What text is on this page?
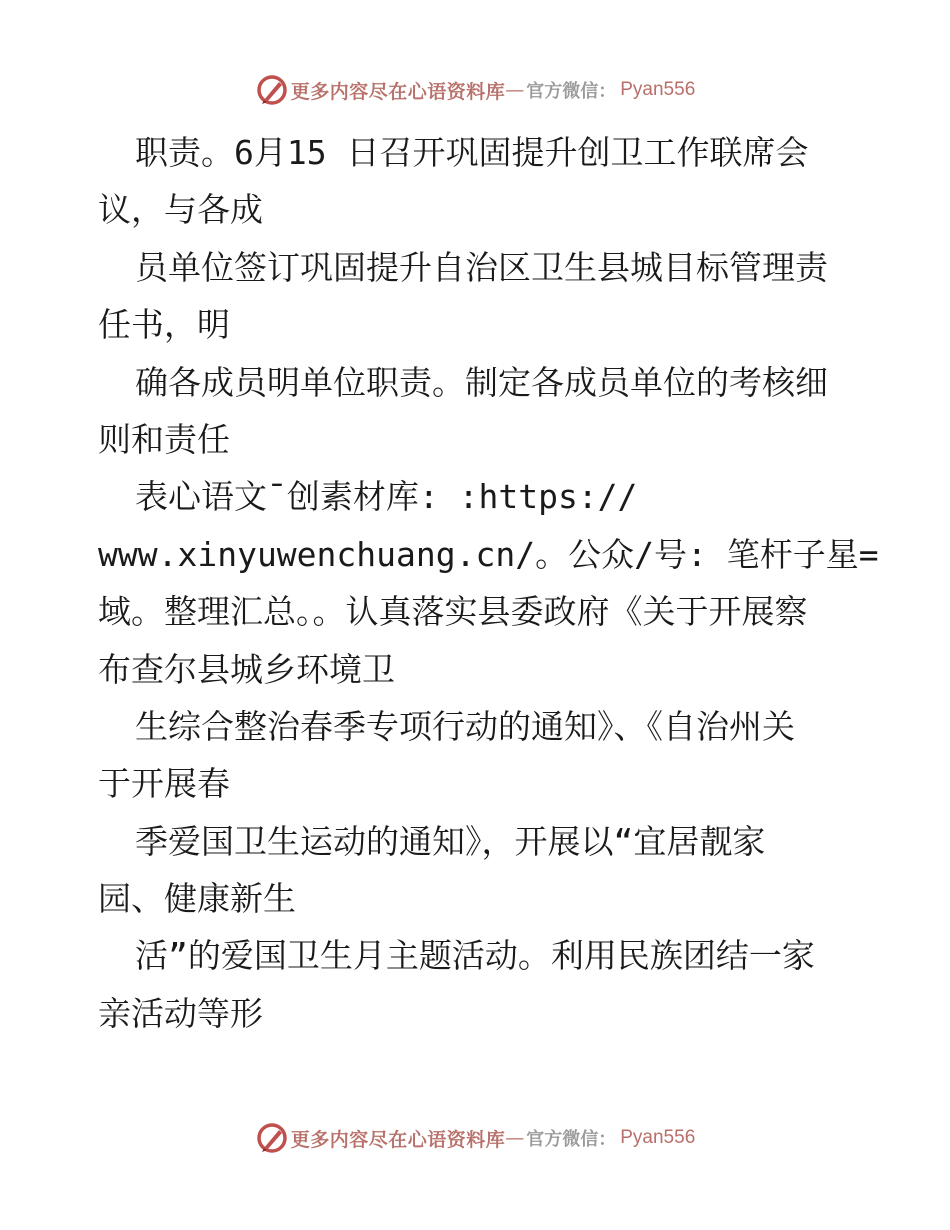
更多内容尽在心语资料库 — 官方微信： Pyan556
职责。6月15 日召开巩固提升创卫工作联席会
议，与各成
员单位签订巩固提升自治区卫生县城目标管理责
任书，明
确各成员明单位职责。制定各成员单位的考核细
则和责任
表心语文¯创素材库: :https://
www.xinyuwenchuang.cn/。公众/号: 笔杆子星=
域。整理汇总。。认真落实县委政府《关于开展察
布查尔县城乡环境卫
生综合整治春季专项行动的通知》、《自治州关
于开展春
季爱国卫生运动的通知》，开展以“宜居靓家
园、健康新生
活”的爱国卫生月主题活动。利用民族团结一家
亲活动等形
更多内容尽在心语资料库 — 官方微信： Pyan556
